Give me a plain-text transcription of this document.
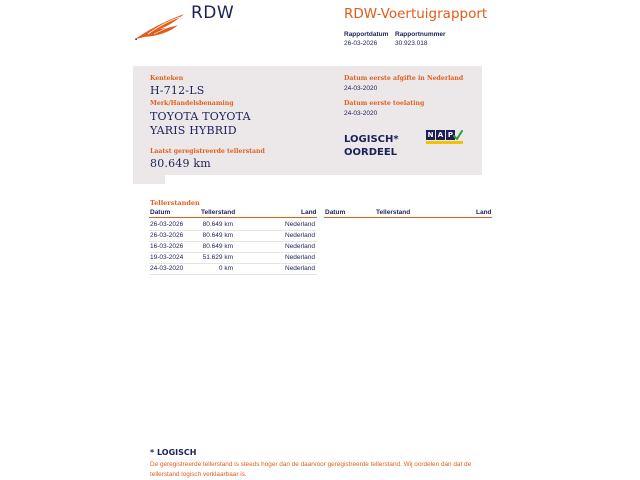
RDW	RDW-Voertuigrapport
Rapportdatum
26-03-2026
Rapportnummer
30.923.018
Kenteken
H-712-LS
Merk/Handelsbenaming
TOYOTA TOYOTA
YARIS HYBRID
Laatst geregistreerde tellerstand
80.649 km
Datum eerste afgifte in Nederland
24-03-2020
Datum eerste toelating
24-03-2020
LOGISCH*
OORDEEL
N A P
Tellerstanden
Datum	Tellerstand	Land Datum	Tellerstand	Land
26-03-2026	80.649 km	Nederland
26-03-2026	80.649 km	Nederland
16-03-2026	80.649 km	Nederland
19-03-2024	51.629 km	Nederland
24-03-2020	0 km	Nederland
* LOGISCH
De geregistreerde tellerstand is steeds hoger dan de daarvoor geregistreerde tellerstand. Wij oordelen dan dat de tellerstand logisch verklaarbaar is.
